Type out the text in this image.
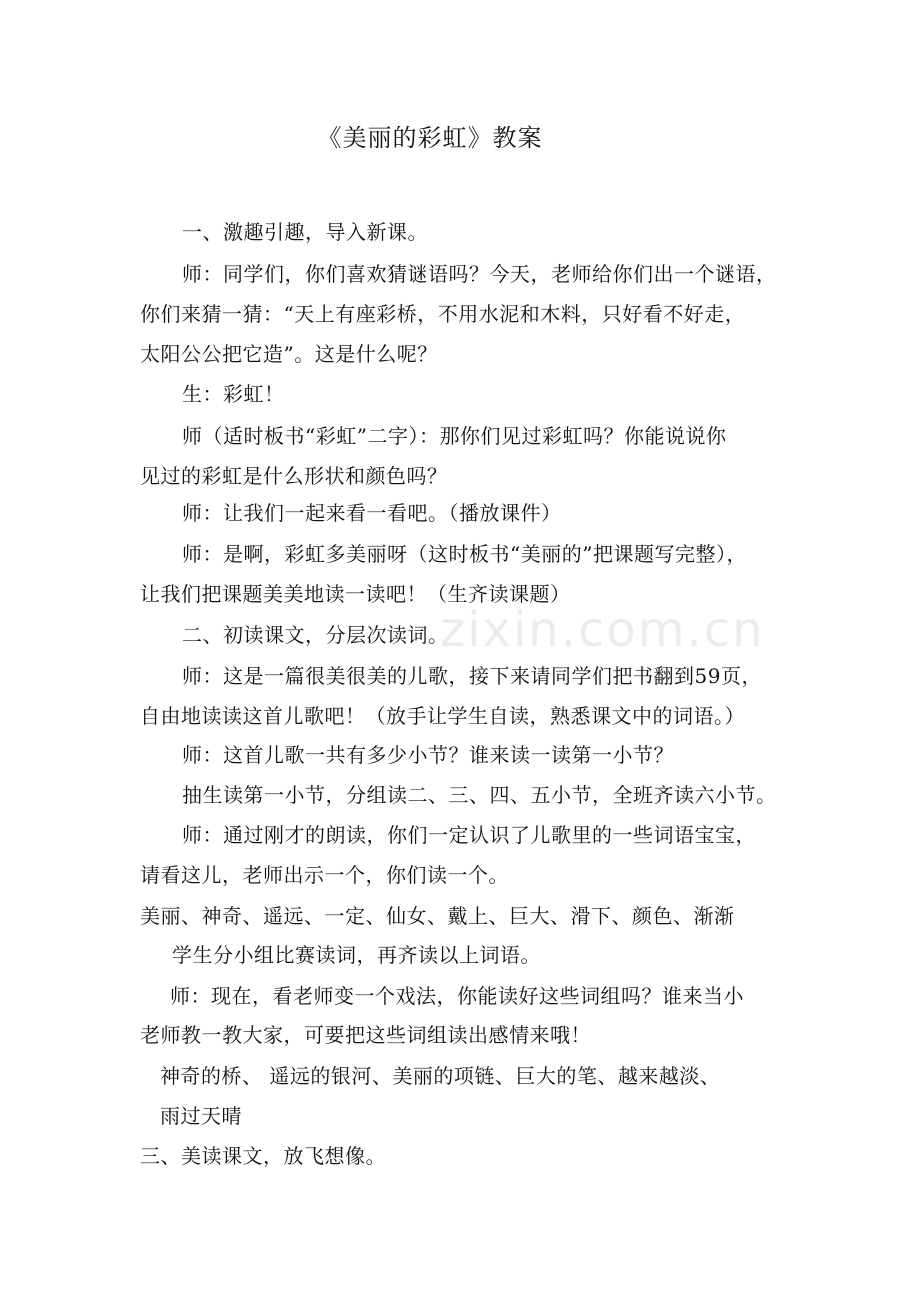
《美丽的彩虹》教案
一、激趣引趣，导入新课。
师：同学们，你们喜欢猜谜语吗？今天，老师给你们出一个谜语，
你们来猜一猜：“天上有座彩桥，不用水泥和木料，只好看不好走，
太阳公公把它造”。这是什么呢？
生：彩虹！
师（适时板书“彩虹”二字）：那你们见过彩虹吗？你能说说你
见过的彩虹是什么形状和颜色吗？
师：让我们一起来看一看吧。（播放课件）
师：是啊，彩虹多美丽呀（这时板书“美丽的”把课题写完整），
让我们把课题美美地读一读吧！（生齐读课题）
二、初读课文，分层次读词。
师：这是一篇很美很美的儿歌，接下来请同学们把书翻到59页，
自由地读读这首儿歌吧！（放手让学生自读，熟悉课文中的词语。）
师：这首儿歌一共有多少小节？谁来读一读第一小节？
抽生读第一小节，分组读二、三、四、五小节，全班齐读六小节。
师：通过刚才的朗读，你们一定认识了儿歌里的一些词语宝宝，
请看这儿，老师出示一个，你们读一个。
美丽、神奇、遥远、一定、仙女、戴上、巨大、滑下、颜色、渐渐
学生分小组比赛读词，再齐读以上词语。
师：现在，看老师变一个戏法，你能读好这些词组吗？谁来当小
老师教一教大家，可要把这些词组读出感情来哦！
神奇的桥、 遥远的银河、美丽的项链、巨大的笔、越来越淡、
雨过天晴
三、美读课文，放飞想像。
zixin.com.cn
